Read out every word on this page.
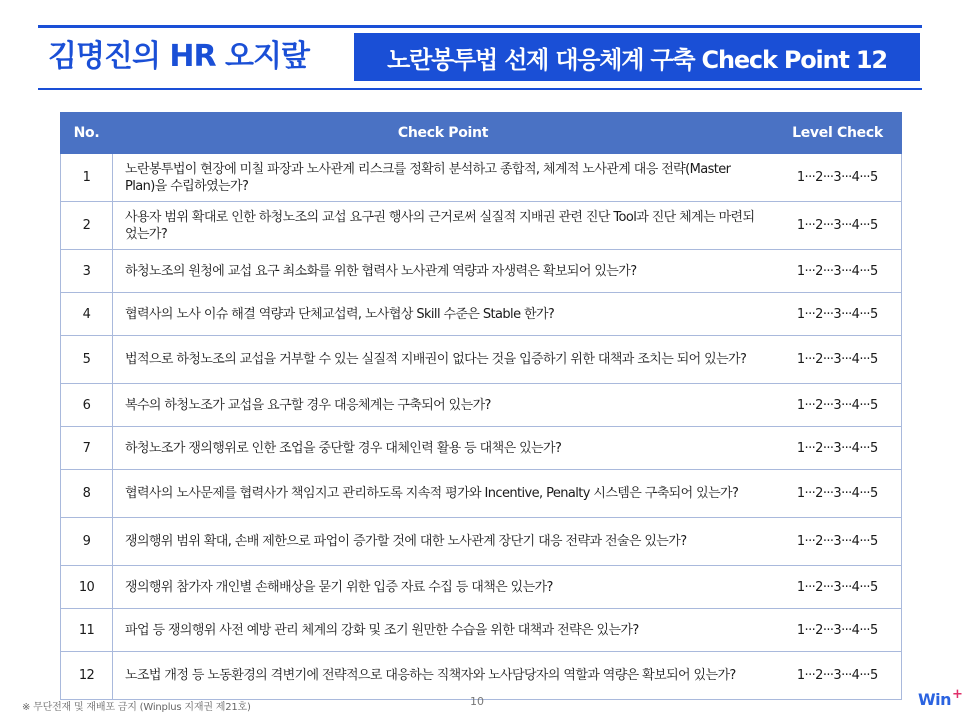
김명진의 HR 오지랖	노란봉투법 선제 대응체계 구축 Check Point 12
No.	Check Point	Level Check
1	노란봉투법이 현장에 미칠 파장과 노사관계 리스크를 정확히 분석하고 종합적, 체계적 노사관계 대응 전략(Master Plan)을 수립하였는가?	1···2···3···4···5
2	사용자 범위 확대로 인한 하청노조의 교섭 요구권 행사의 근거로써 실질적 지배권 관련 진단 Tool과 진단 체계는 마련되었는가?	1···2···3···4···5
3	하청노조의 원청에 교섭 요구 최소화를 위한 협력사 노사관계 역량과 자생력은 확보되어 있는가?	1···2···3···4···5
4	협력사의 노사 이슈 해결 역량과 단체교섭력, 노사협상 Skill 수준은 Stable 한가?	1···2···3···4···5
5	법적으로 하청노조의 교섭을 거부할 수 있는 실질적 지배권이 없다는 것을 입증하기 위한 대책과 조치는 되어 있는가?	1···2···3···4···5
6	복수의 하청노조가 교섭을 요구할 경우 대응체계는 구축되어 있는가?	1···2···3···4···5
7	하청노조가 쟁의행위로 인한 조업을 중단할 경우 대체인력 활용 등 대책은 있는가?	1···2···3···4···5
8	협력사의 노사문제를 협력사가 책임지고 관리하도록 지속적 평가와 Incentive, Penalty 시스템은 구축되어 있는가?	1···2···3···4···5
9	쟁의행위 범위 확대, 손배 제한으로 파업이 증가할 것에 대한 노사관계 장단기 대응 전략과 전술은 있는가?	1···2···3···4···5
10	쟁의행위 참가자 개인별 손해배상을 묻기 위한 입증 자료 수집 등 대책은 있는가?	1···2···3···4···5
11	파업 등 쟁의행위 사전 예방 관리 체계의 강화 및 조기 원만한 수습을 위한 대책과 전략은 있는가?	1···2···3···4···5
12	노조법 개정 등 노동환경의 격변기에 전략적으로 대응하는 직책자와 노사담당자의 역할과 역량은 확보되어 있는가?	1···2···3···4···5
※ 무단전재 및 재배포 금지 (Winplus 지재권 제21호)	10	Win+
